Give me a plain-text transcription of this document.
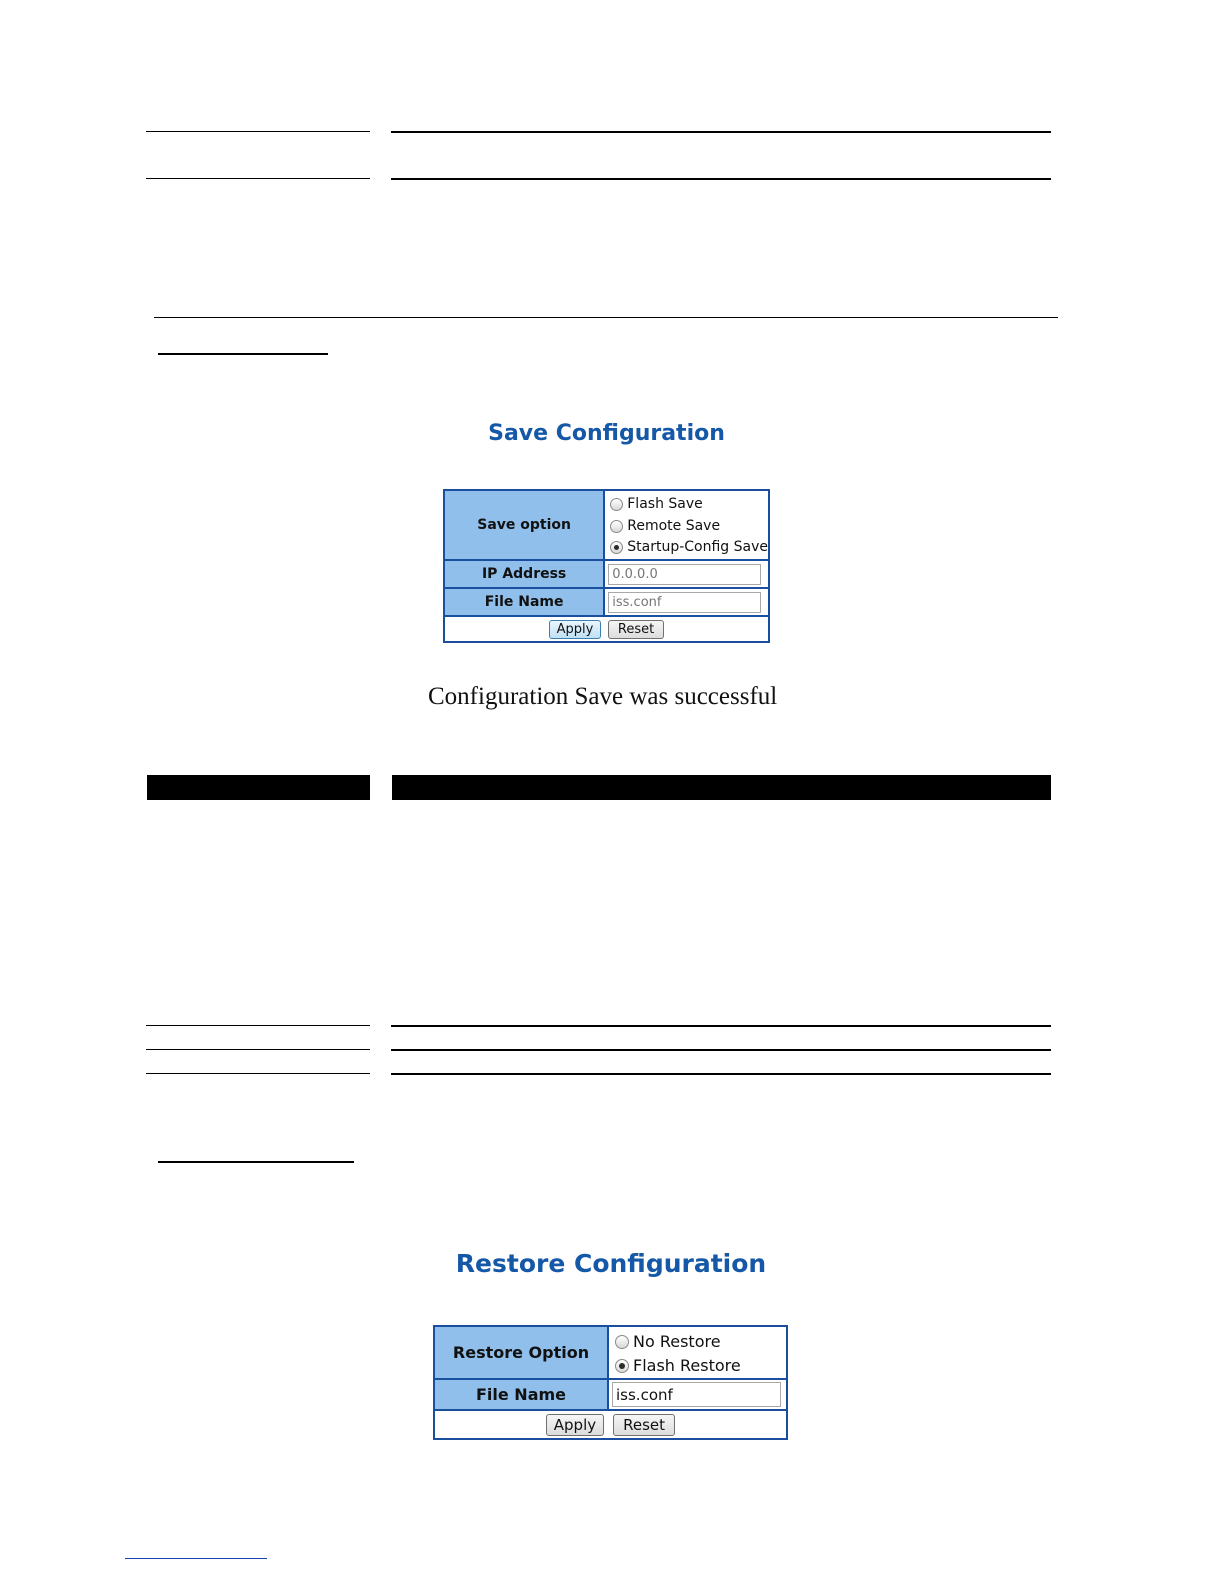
Save Configuration
Save option	Flash Save
Remote Save
Startup-Config Save

IP Address	0.0.0.0
File Name	iss.conf
Apply Reset	
Configuration Save was successful
Restore Configuration
Restore Option	No Restore
Flash Restore

File Name	iss.conf
Apply Reset	
